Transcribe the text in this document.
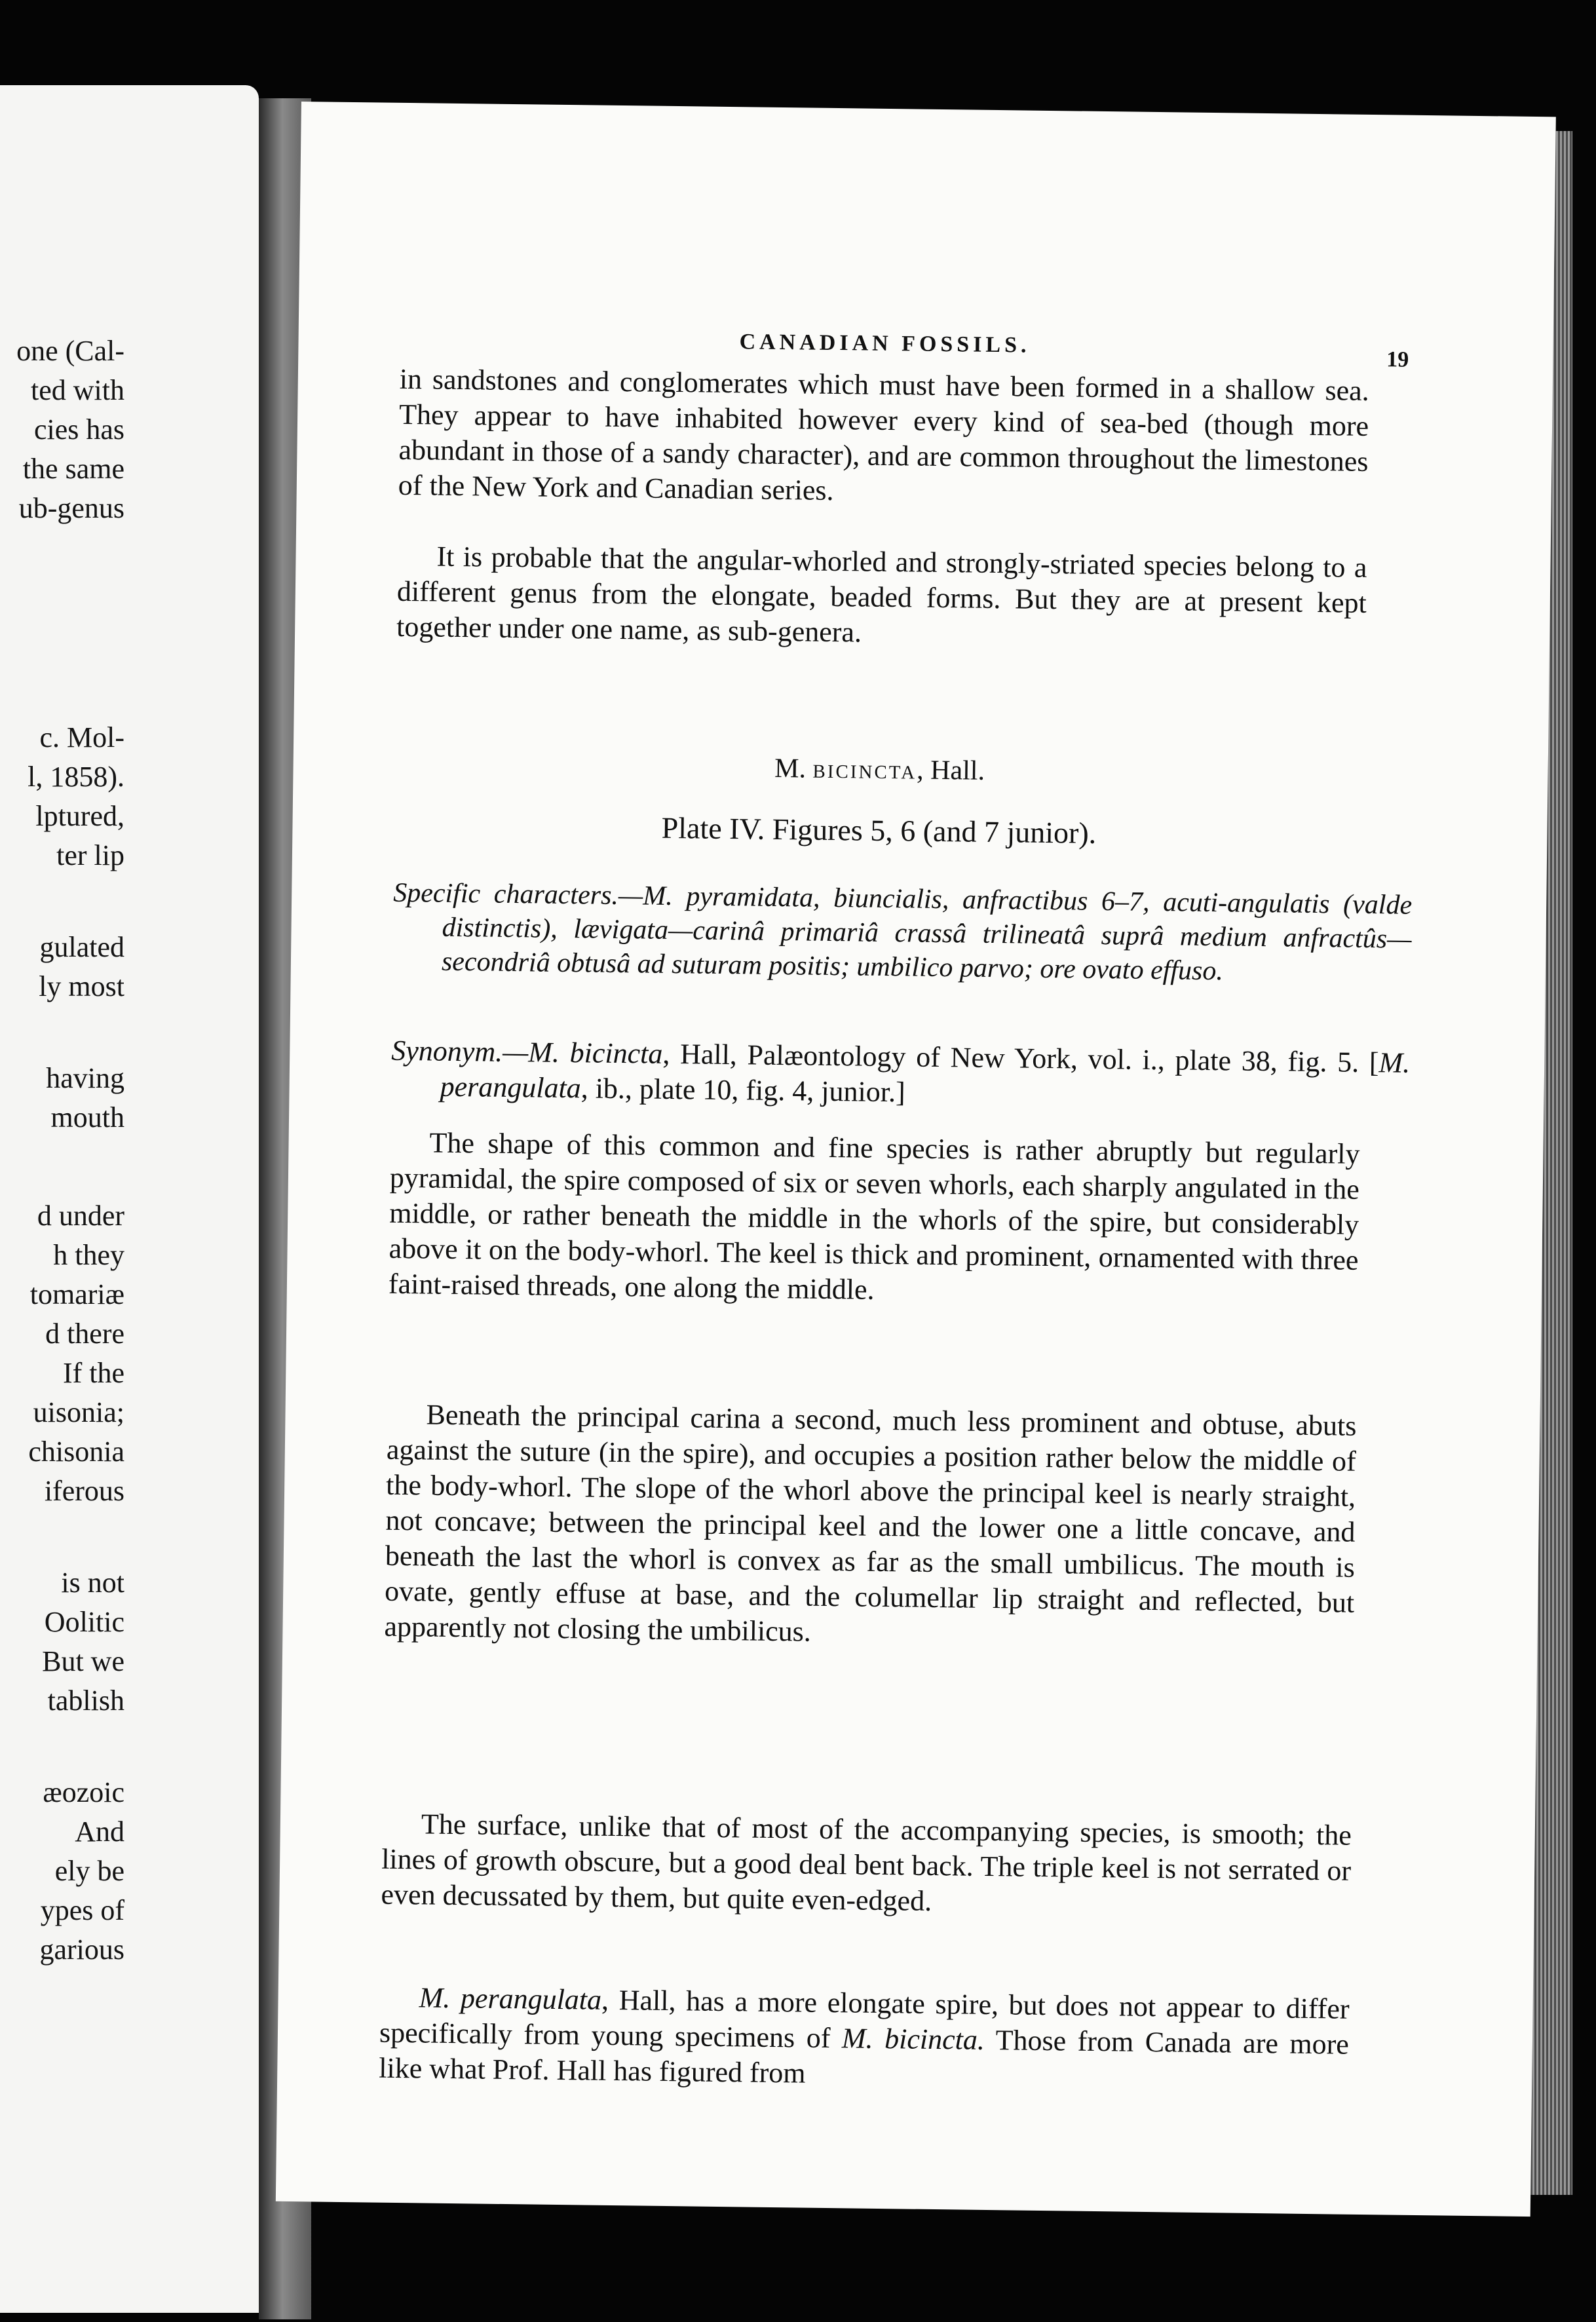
one (Cal-
ted with
cies has
the same
ub-genus
c. Mol-
l, 1858).
lptured,
ter lip
gulated
ly most
having
mouth
d under
h they
tomariæ
d there
If the
uisonia;
chisonia
iferous
is not
Oolitic
But we
tablish
æozoic
And
ely be
ypes of
garious
CANADIAN FOSSILS.
19
in sandstones and conglomerates which must have been formed in a shallow sea. They appear to have inhabited however every kind of sea-bed (though more abundant in those of a sandy character), and are common throughout the limestones of the New York and Canadian series.
It is probable that the angular-whorled and strongly-striated species belong to a different genus from the elongate, beaded forms. But they are at present kept together under one name, as sub-genera.
M. bicincta, Hall.
Plate IV. Figures 5, 6 (and 7 junior).
Specific characters.—M. pyramidata, biuncialis, anfractibus 6–7, acuti-angulatis (valde distinctis), lævigata—carinâ primariâ crassâ trilineatâ suprâ medium anfractûs—secondriâ obtusâ ad suturam positis; umbilico parvo; ore ovato effuso.
Synonym.—M. bicincta, Hall, Palæontology of New York, vol. i., plate 38, fig. 5. [M. perangulata, ib., plate 10, fig. 4, junior.]
The shape of this common and fine species is rather abruptly but regularly pyramidal, the spire composed of six or seven whorls, each sharply angulated in the middle, or rather beneath the middle in the whorls of the spire, but considerably above it on the body-whorl. The keel is thick and prominent, ornamented with three faint-raised threads, one along the middle.
Beneath the principal carina a second, much less prominent and obtuse, abuts against the suture (in the spire), and occupies a position rather below the middle of the body-whorl. The slope of the whorl above the principal keel is nearly straight, not concave; between the principal keel and the lower one a little concave, and beneath the last the whorl is convex as far as the small umbilicus. The mouth is ovate, gently effuse at base, and the columellar lip straight and reflected, but apparently not closing the umbilicus.
The surface, unlike that of most of the accompanying species, is smooth; the lines of growth obscure, but a good deal bent back. The triple keel is not serrated or even decussated by them, but quite even-edged.
M. perangulata, Hall, has a more elongate spire, but does not appear to differ specifically from young specimens of M. bicincta. Those from Canada are more like what Prof. Hall has figured from
